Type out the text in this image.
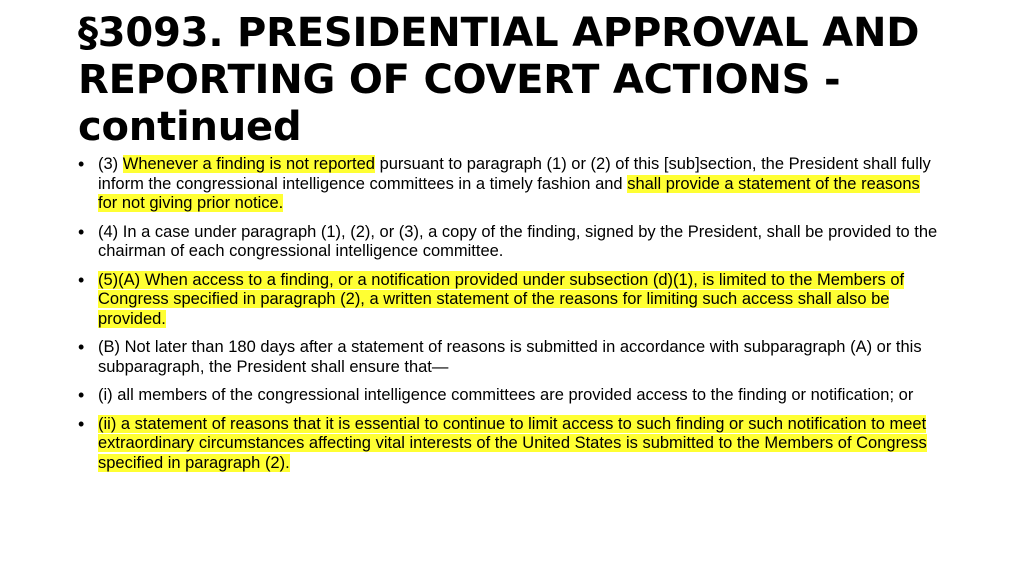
§3093. PRESIDENTIAL APPROVAL AND REPORTING OF COVERT ACTIONS - continued
• (3) Whenever a finding is not reported pursuant to paragraph (1) or (2) of this [sub]section, the President shall fully inform the congressional intelligence committees in a timely fashion and shall provide a statement of the reasons for not giving prior notice.
• (4) In a case under paragraph (1), (2), or (3), a copy of the finding, signed by the President, shall be provided to the chairman of each congressional intelligence committee.
• (5)(A) When access to a finding, or a notification provided under subsection (d)(1), is limited to the Members of Congress specified in paragraph (2), a written statement of the reasons for limiting such access shall also be provided.
• (B) Not later than 180 days after a statement of reasons is submitted in accordance with subparagraph (A) or this subparagraph, the President shall ensure that—
• (i) all members of the congressional intelligence committees are provided access to the finding or notification; or
• (ii) a statement of reasons that it is essential to continue to limit access to such finding or such notification to meet extraordinary circumstances affecting vital interests of the United States is submitted to the Members of Congress specified in paragraph (2).
